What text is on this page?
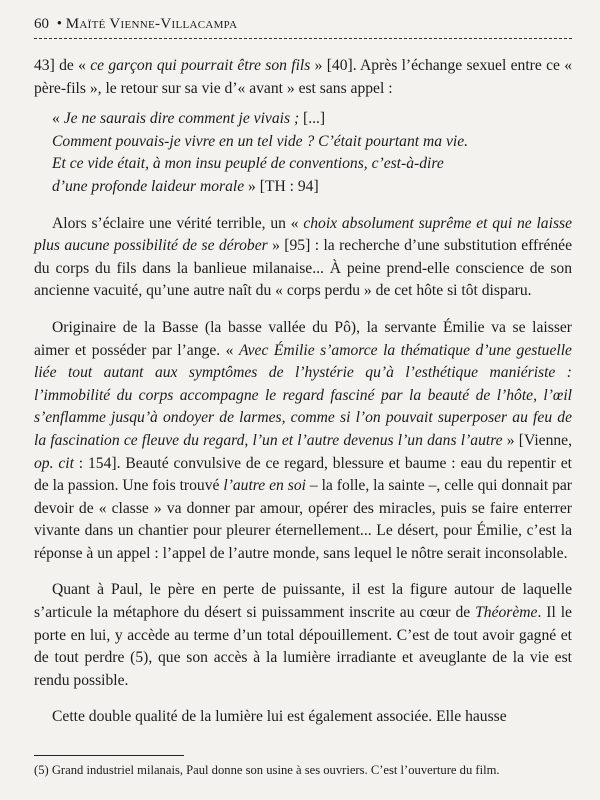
60 • Maïté Vienne-Villacampa

43] de « ce garçon qui pourrait être son fils » [40]. Après l’échange sexuel entre ce « père-fils », le retour sur sa vie d’« avant » est sans appel :

« Je ne saurais dire comment je vivais ; [...]
Comment pouvais-je vivre en un tel vide ? C’était pourtant ma vie.
Et ce vide était, à mon insu peuplé de conventions, c’est-à-dire
d’une profonde laideur morale » [TH : 94]

Alors s’éclaire une vérité terrible, un « choix absolument suprême et qui ne laisse plus aucune possibilité de se dérober » [95] : la recherche d’une substitution effrénée du corps du fils dans la banlieue milanaise... À peine prend-elle conscience de son ancienne vacuité, qu’une autre naît du « corps perdu » de cet hôte si tôt disparu.

Originaire de la Basse (la basse vallée du Pô), la servante Émilie va se laisser aimer et posséder par l’ange. « Avec Émilie s’amorce la thématique d’une gestuelle liée tout autant aux symptômes de l’hystérie qu’à l’esthétique maniériste : l’immobilité du corps accompagne le regard fasciné par la beauté de l’hôte, l’œil s’enflamme jusqu’à ondoyer de larmes, comme si l’on pouvait superposer au feu de la fascination ce fleuve du regard, l’un et l’autre devenus l’un dans l’autre » [Vienne, op. cit : 154]. Beauté convulsive de ce regard, blessure et baume : eau du repentir et de la passion. Une fois trouvé l’autre en soi – la folle, la sainte –, celle qui donnait par devoir de « classe » va donner par amour, opérer des miracles, puis se faire enterrer vivante dans un chantier pour pleurer éternellement... Le désert, pour Émilie, c’est la réponse à un appel : l’appel de l’autre monde, sans lequel le nôtre serait inconsolable.

Quant à Paul, le père en perte de puissante, il est la figure autour de laquelle s’articule la métaphore du désert si puissamment inscrite au cœur de Théorème. Il le porte en lui, y accède au terme d’un total dépouillement. C’est de tout avoir gagné et de tout perdre (5), que son accès à la lumière irradiante et aveuglante de la vie est rendu possible.

Cette double qualité de la lumière lui est également associée. Elle hausse

(5) Grand industriel milanais, Paul donne son usine à ses ouvriers. C’est l’ouverture du film.
